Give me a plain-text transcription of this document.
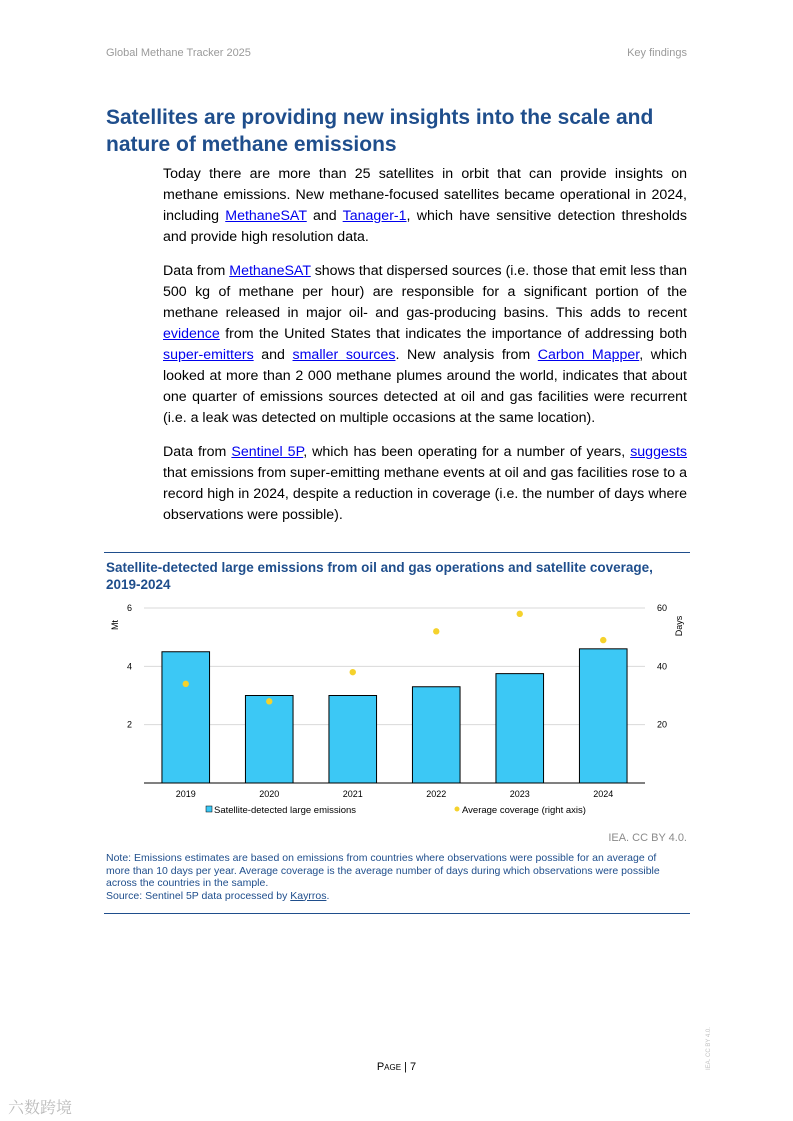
Global Methane Tracker 2025	Key findings
Satellites are providing new insights into the scale and nature of methane emissions

Today there are more than 25 satellites in orbit that can provide insights on methane emissions. New methane-focused satellites became operational in 2024, including MethaneSAT and Tanager-1, which have sensitive detection thresholds and provide high resolution data.

Data from MethaneSAT shows that dispersed sources (i.e. those that emit less than 500 kg of methane per hour) are responsible for a significant portion of the methane released in major oil- and gas-producing basins. This adds to recent evidence from the United States that indicates the importance of addressing both super-emitters and smaller sources. New analysis from Carbon Mapper, which looked at more than 2 000 methane plumes around the world, indicates that about one quarter of emissions sources detected at oil and gas facilities were recurrent (i.e. a leak was detected on multiple occasions at the same location).

Data from Sentinel 5P, which has been operating for a number of years, suggests that emissions from super-emitting methane events at oil and gas facilities rose to a record high in 2024, despite a reduction in coverage (i.e. the number of days where observations were possible).

Satellite-detected large emissions from oil and gas operations and satellite coverage, 2019-2024
2
4
6
20
40
60
Mt	Days
2019	2020	2021	2022	2023	2024
Satellite-detected large emissions	Average coverage (right axis)
IEA. CC BY 4.0.
Note: Emissions estimates are based on emissions from countries where observations were possible for an average of more than 10 days per year. Average coverage is the average number of days during which observations were possible across the countries in the sample.
Source: Sentinel 5P data processed by Kayrros.
Page | 7	IEA. CC BY 4.0.
六数跨境
